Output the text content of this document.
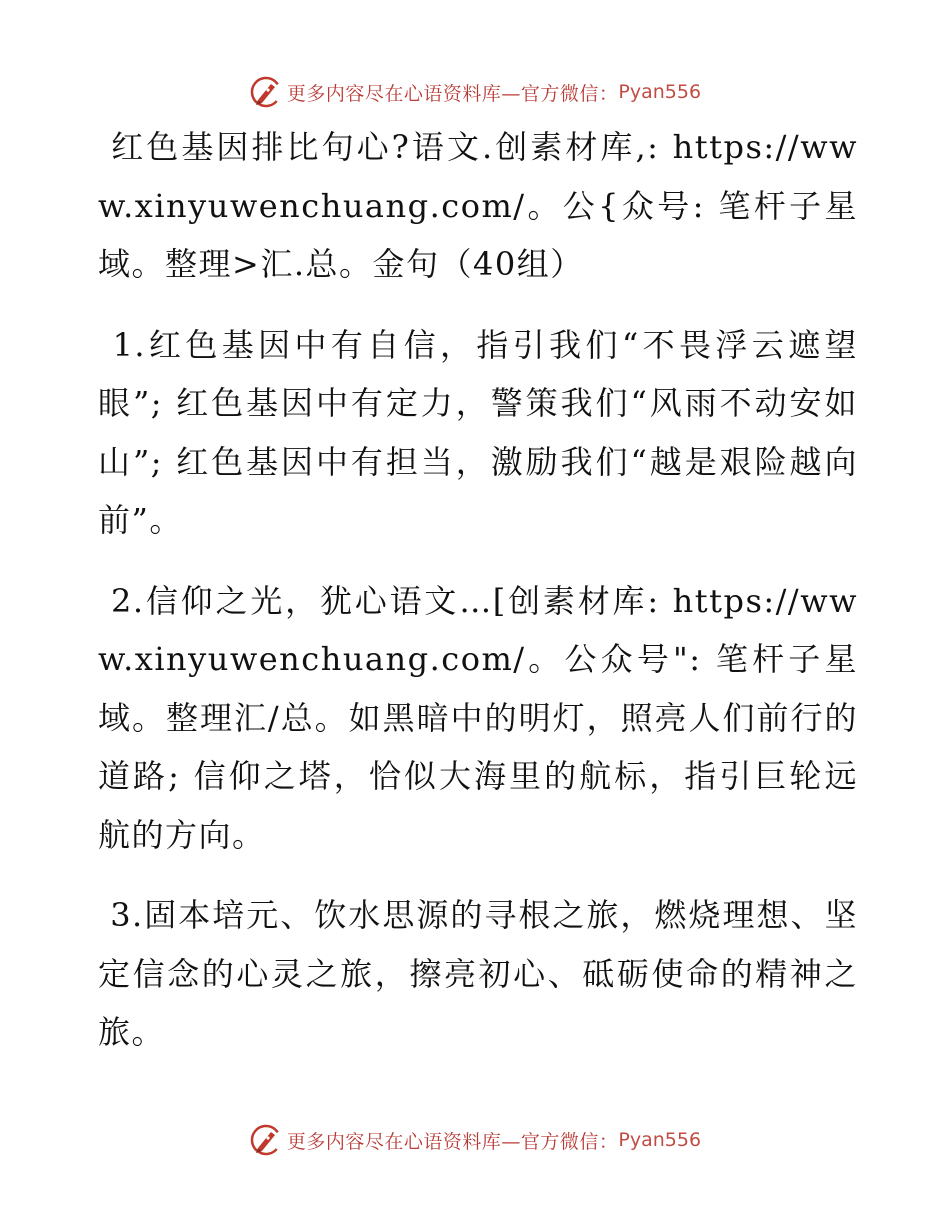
更多内容尽在心语资料库—官方微信： Pyan556

红色基因排比句心?语文.创素材库,: https://www.xinyuwenchuang.com/。公{众号: 笔杆子星域。整理>汇.总。金句（40组）

1.红色基因中有自信，指引我们“不畏浮云遮望眼”; 红色基因中有定力，警策我们“风雨不动安如山”; 红色基因中有担当，激励我们“越是艰险越向前”。

2.信仰之光，犹心语文…[创素材库: https://www.xinyuwenchuang.com/。公众号": 笔杆子星域。整理汇/总。如黑暗中的明灯，照亮人们前行的道路; 信仰之塔，恰似大海里的航标，指引巨轮远航的方向。

3.固本培元、饮水思源的寻根之旅，燃烧理想、坚定信念的心灵之旅，擦亮初心、砥砺使命的精神之旅。

更多内容尽在心语资料库—官方微信： Pyan556
